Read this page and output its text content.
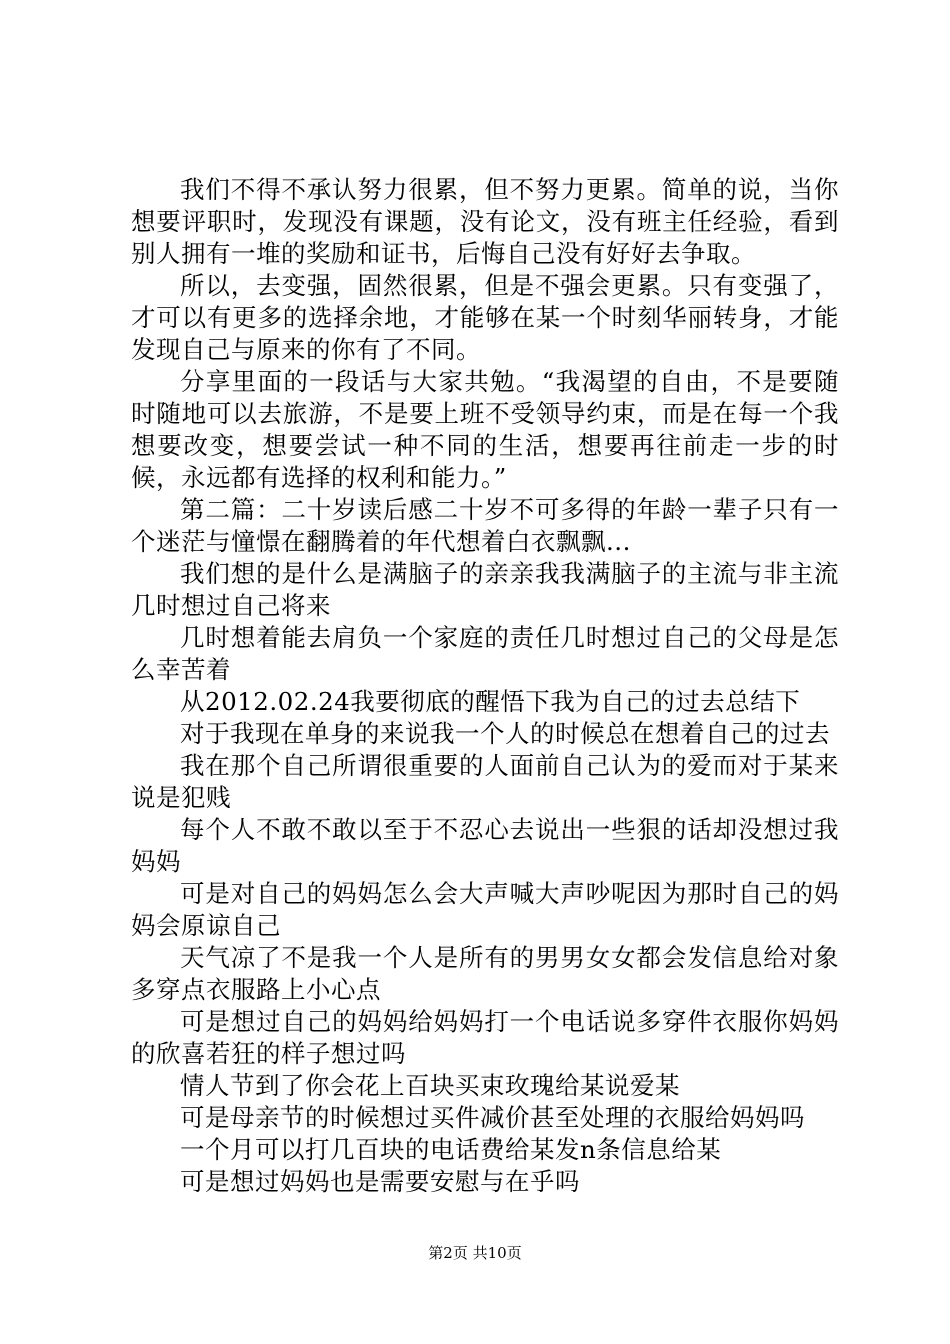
我们不得不承认努力很累，但不努力更累。简单的说，当你想要评职时，发现没有课题，没有论文，没有班主任经验，看到别人拥有一堆的奖励和证书，后悔自己没有好好去争取。

所以，去变强，固然很累，但是不强会更累。只有变强了，才可以有更多的选择余地，才能够在某一个时刻华丽转身，才能发现自己与原来的你有了不同。

分享里面的一段话与大家共勉。“我渴望的自由，不是要随时随地可以去旅游，不是要上班不受领导约束，而是在每一个我想要改变，想要尝试一种不同的生活，想要再往前走一步的时候，永远都有选择的权利和能力。”

第二篇：二十岁读后感二十岁不可多得的年龄一辈子只有一个迷茫与憧憬在翻腾着的年代想着白衣飘飘...

我们想的是什么是满脑子的亲亲我我满脑子的主流与非主流几时想过自己将来

几时想着能去肩负一个家庭的责任几时想过自己的父母是怎么幸苦着

从2012.02.24我要彻底的醒悟下我为自己的过去总结下

对于我现在单身的来说我一个人的时候总在想着自己的过去

我在那个自己所谓很重要的人面前自己认为的爱而对于某来说是犯贱

每个人不敢不敢以至于不忍心去说出一些狠的话却没想过我妈妈

可是对自己的妈妈怎么会大声喊大声吵呢因为那时自己的妈妈会原谅自己

天气凉了不是我一个人是所有的男男女女都会发信息给对象多穿点衣服路上小心点

可是想过自己的妈妈给妈妈打一个电话说多穿件衣服你妈妈的欣喜若狂的样子想过吗

情人节到了你会花上百块买束玫瑰给某说爱某

可是母亲节的时候想过买件减价甚至处理的衣服给妈妈吗

一个月可以打几百块的电话费给某发n条信息给某

可是想过妈妈也是需要安慰与在乎吗

第2页 共10页
